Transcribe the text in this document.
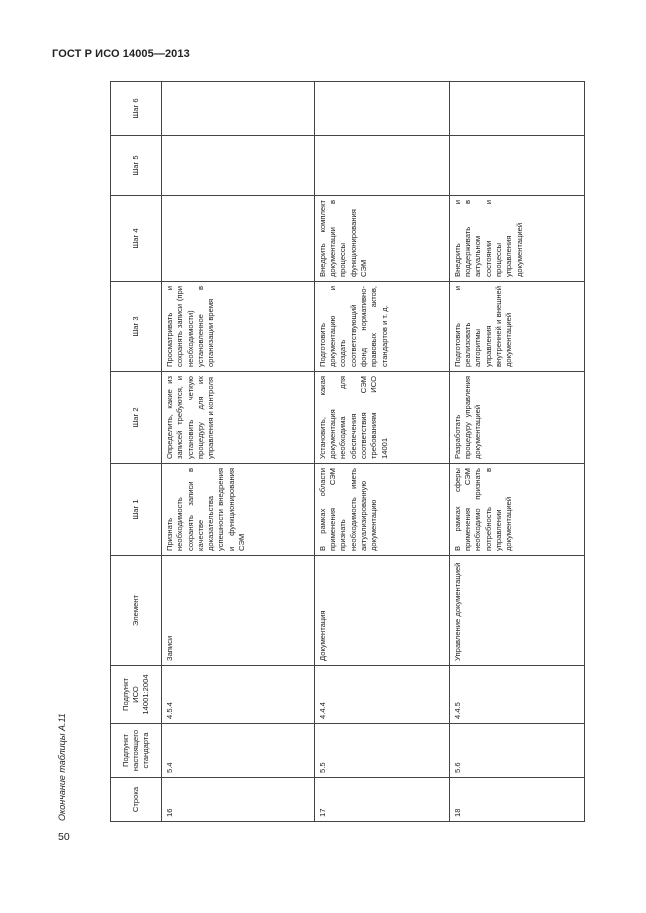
ГОСТ Р ИСО 14005—2013
Окончание таблицы А.11
50
Строка	Подпункт настоящего стандарта	Подпункт ИСО 14001:2004	Элемент	Шаг 1	Шаг 2	Шаг 3	Шаг 4	Шаг 5	Шаг 6
16	5.4	4.5.4	Записи	Признать необходимость сохранять записи в качестве доказательства успешности внедрения и функционирования СЭМ	Определить, какие из записей требуются, и установить четкую процедуру для их управления и контроля	Просматривать и сохранять записи (при необходимости) установленное в организации время			
17	5.5	4.4.4	Документация	В рамках области применения СЭМ признать необходимость иметь актуализированную документацию	Установить, какая документация необходима для обеспечения соответствия СЭМ требованиям ИСО 14001	Подготовить документацию и создать соответствующий фонд нормативно-правовых актов, стандартов и т. д.	Внедрить комплект документации в процессы функционирования СЭМ		
18	5.6	4.4.5	Управление документацией	В рамках сферы применения СЭМ необходимо признать потребность в управлении документацией	Разработать процедуру управления документацией	Подготовить и реализовать алгоритмы управления внутренней и внешней документацией	Внедрить и поддерживать в актуальном состоянии и процессы управления документацией		
